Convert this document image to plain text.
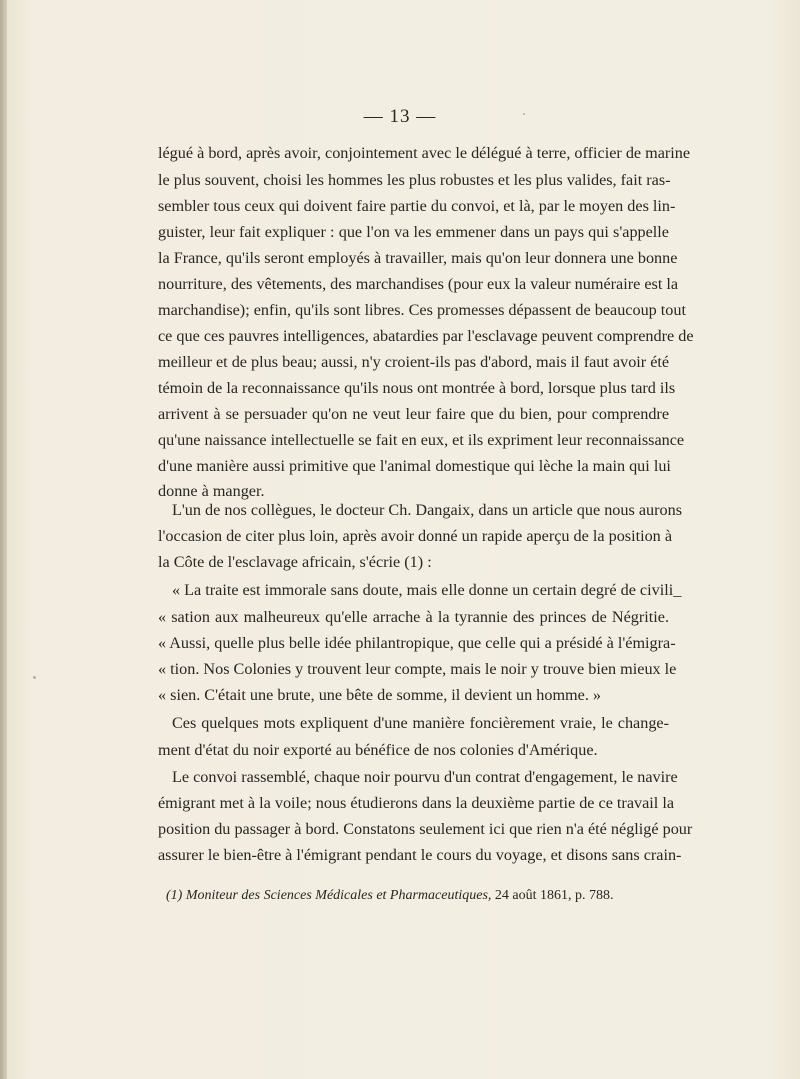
— 13 —
légué à bord, après avoir, conjointement avec le délégué à terre, officier de marine
le plus souvent, choisi les hommes les plus robustes et les plus valides, fait ras-
sembler tous ceux qui doivent faire partie du convoi, et là, par le moyen des lin-
guister, leur fait expliquer : que l'on va les emmener dans un pays qui s'appelle
la France, qu'ils seront employés à travailler, mais qu'on leur donnera une bonne
nourriture, des vêtements, des marchandises (pour eux la valeur numéraire est la
marchandise); enfin, qu'ils sont libres. Ces promesses dépassent de beaucoup tout
ce que ces pauvres intelligences, abatardies par l'esclavage peuvent comprendre de
meilleur et de plus beau; aussi, n'y croient-ils pas d'abord, mais il faut avoir été
témoin de la reconnaissance qu'ils nous ont montrée à bord, lorsque plus tard ils
arrivent à se persuader qu'on ne veut leur faire que du bien, pour comprendre
qu'une naissance intellectuelle se fait en eux, et ils expriment leur reconnaissance
d'une manière aussi primitive que l'animal domestique qui lèche la main qui lui
donne à manger.
L'un de nos collègues, le docteur Ch. Dangaix, dans un article que nous aurons
l'occasion de citer plus loin, après avoir donné un rapide aperçu de la position à
la Côte de l'esclavage africain, s'écrie (1) :
« La traite est immorale sans doute, mais elle donne un certain degré de civili_
« sation aux malheureux qu'elle arrache à la tyrannie des princes de Négritie.
« Aussi, quelle plus belle idée philantropique, que celle qui a présidé à l'émigra-
« tion. Nos Colonies y trouvent leur compte, mais le noir y trouve bien mieux le
« sien. C'était une brute, une bête de somme, il devient un homme. »
Ces quelques mots expliquent d'une manière foncièrement vraie, le change-
ment d'état du noir exporté au bénéfice de nos colonies d'Amérique.
Le convoi rassemblé, chaque noir pourvu d'un contrat d'engagement, le navire
émigrant met à la voile; nous étudierons dans la deuxième partie de ce travail la
position du passager à bord. Constatons seulement ici que rien n'a été négligé pour
assurer le bien-être à l'émigrant pendant le cours du voyage, et disons sans crain-
(1) Moniteur des Sciences Médicales et Pharmaceutiques, 24 août 1861, p. 788.
